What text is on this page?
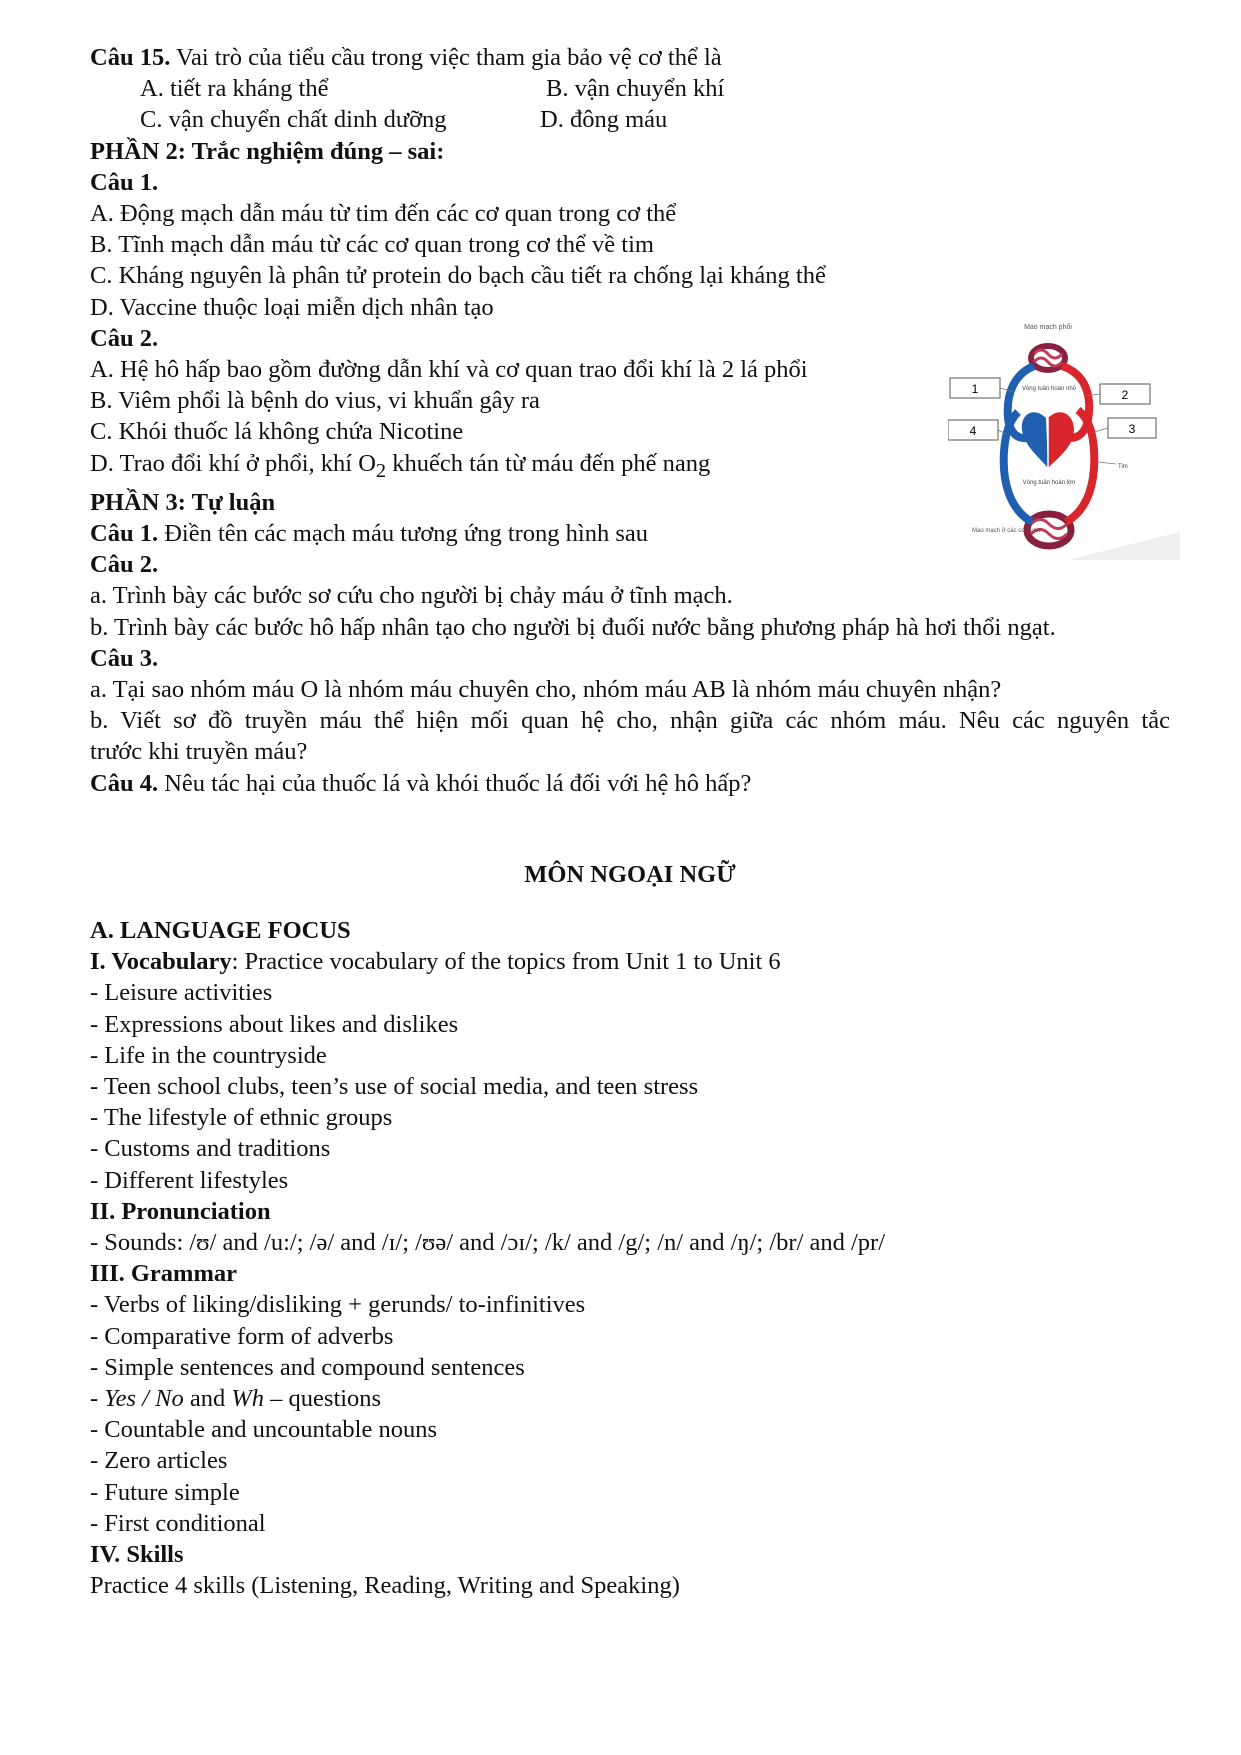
Câu 15. Vai trò của tiểu cầu trong việc tham gia bảo vệ cơ thể là
A. tiết ra kháng thể	B. vận chuyển khí
C. vận chuyển chất dinh dưỡng	D. đông máu
PHẦN 2: Trắc nghiệm đúng – sai:
Câu 1.
A. Động mạch dẫn máu từ tim đến các cơ quan trong cơ thể
B. Tĩnh mạch dẫn máu từ các cơ quan trong cơ thể về tim
C. Kháng nguyên là phân tử protein do bạch cầu tiết ra chống lại kháng thể
D. Vaccine thuộc loại miễn dịch nhân tạo
Câu 2.
A. Hệ hô hấp bao gồm đường dẫn khí và cơ quan trao đổi khí là 2 lá phổi
B. Viêm phổi là bệnh do vius, vi khuẩn gây ra
C. Khói thuốc lá không chứa Nicotine
D. Trao đổi khí ở phổi, khí $O_2$ khuếch tán từ máu đến phế nang
PHẦN 3: Tự luận
Câu 1. Điền tên các mạch máu tương ứng trong hình sau
Câu 2.
a. Trình bày các bước sơ cứu cho người bị chảy máu ở tĩnh mạch.
b. Trình bày các bước hô hấp nhân tạo cho người bị đuối nước bằng phương pháp hà hơi thổi ngạt.
Câu 3.
a. Tại sao nhóm máu O là nhóm máu chuyên cho, nhóm máu AB là nhóm máu chuyên nhận?
b. Viết sơ đồ truyền máu thể hiện mối quan hệ cho, nhận giữa các nhóm máu. Nêu các nguyên tắc
trước khi truyền máu?
Câu 4. Nêu tác hại của thuốc lá và khói thuốc lá đối với hệ hô hấp?
MÔN NGOẠI NGỮ
A. LANGUAGE FOCUS
I. Vocabulary: Practice vocabulary of the topics from Unit 1 to Unit 6
- Leisure activities
- Expressions about likes and dislikes
- Life in the countryside
- Teen school clubs, teen’s use of social media, and teen stress
- The lifestyle of ethnic groups
- Customs and traditions
- Different lifestyles
II. Pronunciation
- Sounds: /ʊ/ and /u:/; /ə/ and /ɪ/; /ʊə/ and /ɔɪ/; /k/ and /g/; /n/ and /ŋ/; /br/ and /pr/
III. Grammar
- Verbs of liking/disliking + gerunds/ to-infinitives
- Comparative form of adverbs
- Simple sentences and compound sentences
- Yes / No and Wh – questions
- Countable and uncountable nouns
- Zero articles
- Future simple
- First conditional
IV. Skills
Practice 4 skills (Listening, Reading, Writing and Speaking)
Mao mạch phổi
Vòng tuần hoàn nhỏ
Vòng tuần hoàn lớn
Tim
Mao mạch ở các cơ quan
1	2
3
4
